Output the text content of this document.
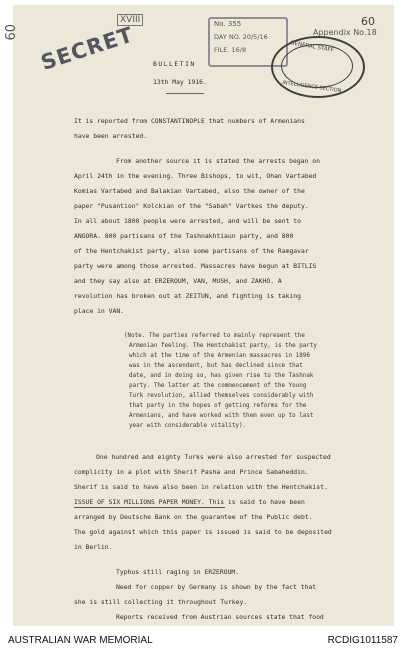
09
60
XVIII
Appendix No.18
SECRET	No. 355
DAY NO. 20/5/16
FILE. 16/8	GENERAL STAFF
INTELLIGENCE SECTION
BULLETIN
13th May 1916.
It is reported from CONSTANTINOPLE that numbers of Armenians
have been arrested.
From another source it is stated the arrests began on
April 24th in the evening. Three Bishops, to wit, Ohan Vartabed
Komias Vartabed and Balakian Vartabed, also the owner of the
paper "Pusantion" Kolckian of the "Sabah" Vartkes the deputy.
In all about 1800 people were arrested, and will be sent to
ANGORA. 800 partisans of the Tashnakhtiaun party, and 800
of the Hentchakist party, also some partisans of the Ramgavar
party were among those arrested. Massacres have begun at BITLIS
and they say also at ERZEROUM, VAN, MUSH, and ZAKHO. A
revolution has broken out at ZEITUN, and fighting is taking
place in VAN.
(Note. The parties referred to mainly represent the
Armenian feeling. The Hentchakist party, is the party
which at the time of the Armenian massacres in 1896
was in the ascendant, but has declined since that
date, and in doing so, has given rise to the Tashnak
party. The latter at the commencement of the Young
Turk revolution, allied themselves considerably with
that party in the hopes of getting reforms for the
Armenians, and have worked with them even up to last
year with considerable vitality).
One hundred and eighty Turks were also arrested for suspected
complicity in a plot with Sherif Pasha and Prince Sabaheddin.
Sherif is said to have also been in relation with the Hentchakist.
ISSUE OF SIX MILLIONS PAPER MONEY. This is said to have been
arranged by Deutsche Bank on the guarantee of the Public debt.
The gold against which this paper is issued is said to be deposited
in Berlin.
Typhus still raging in ERZEROUM.
Need for copper by Germany is shown by the fact that
she is still collecting it throughout Turkey.
Reports received from Austrian sources state that food
AUSTRALIAN WAR MEMORIAL	RCDIG1011587
